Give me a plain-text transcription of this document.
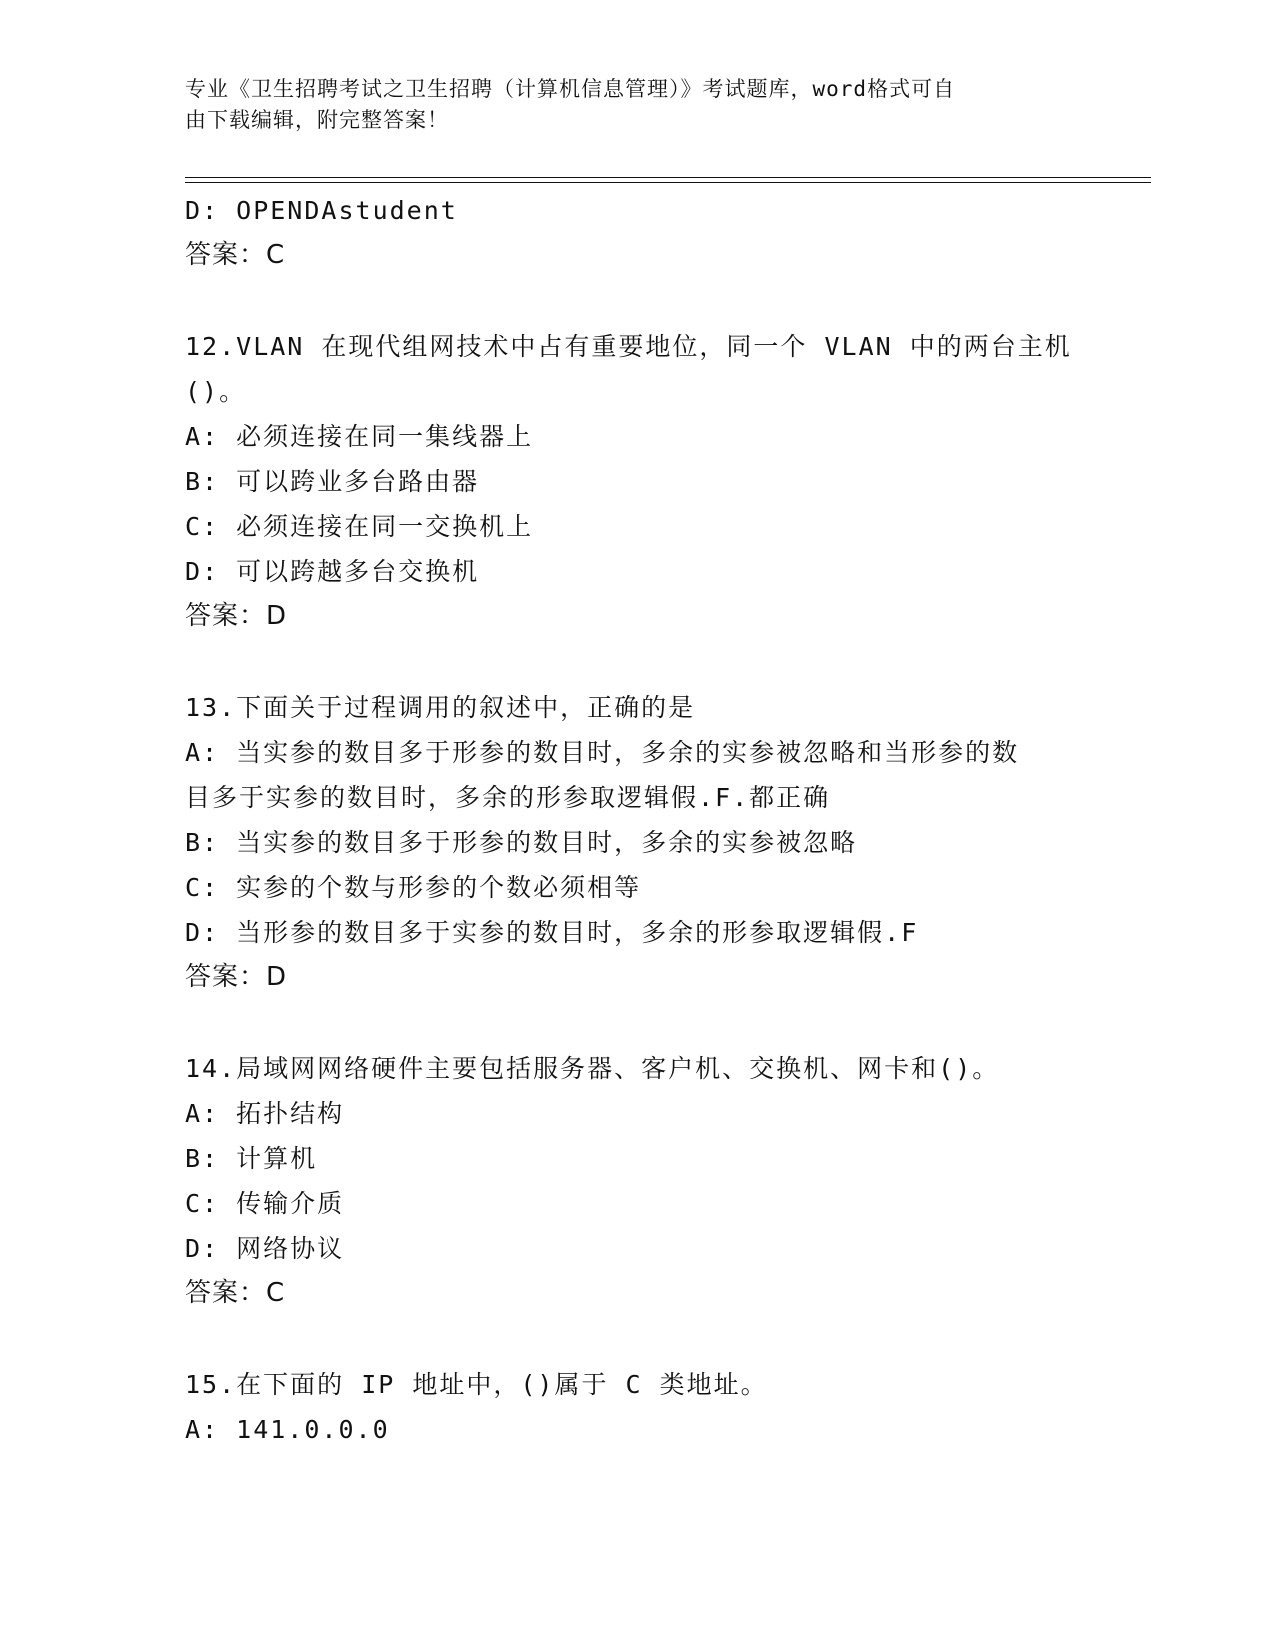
专业《卫生招聘考试之卫生招聘（计算机信息管理）》考试题库，word格式可自
由下载编辑，附完整答案！
D: OPENDAstudent
答案：C
12.VLAN 在现代组网技术中占有重要地位，同一个 VLAN 中的两台主机
()。
A: 必须连接在同一集线器上
B: 可以跨业多台路由器
C: 必须连接在同一交换机上
D: 可以跨越多台交换机
答案：D
13.下面关于过程调用的叙述中，正确的是
A: 当实参的数目多于形参的数目时，多余的实参被忽略和当形参的数
目多于实参的数目时，多余的形参取逻辑假.F.都正确
B: 当实参的数目多于形参的数目时，多余的实参被忽略
C: 实参的个数与形参的个数必须相等
D: 当形参的数目多于实参的数目时，多余的形参取逻辑假.F
答案：D
14.局域网网络硬件主要包括服务器、客户机、交换机、网卡和()。
A: 拓扑结构
B: 计算机
C: 传输介质
D: 网络协议
答案：C
15.在下面的 IP 地址中，()属于 C 类地址。
A: 141.0.0.0
